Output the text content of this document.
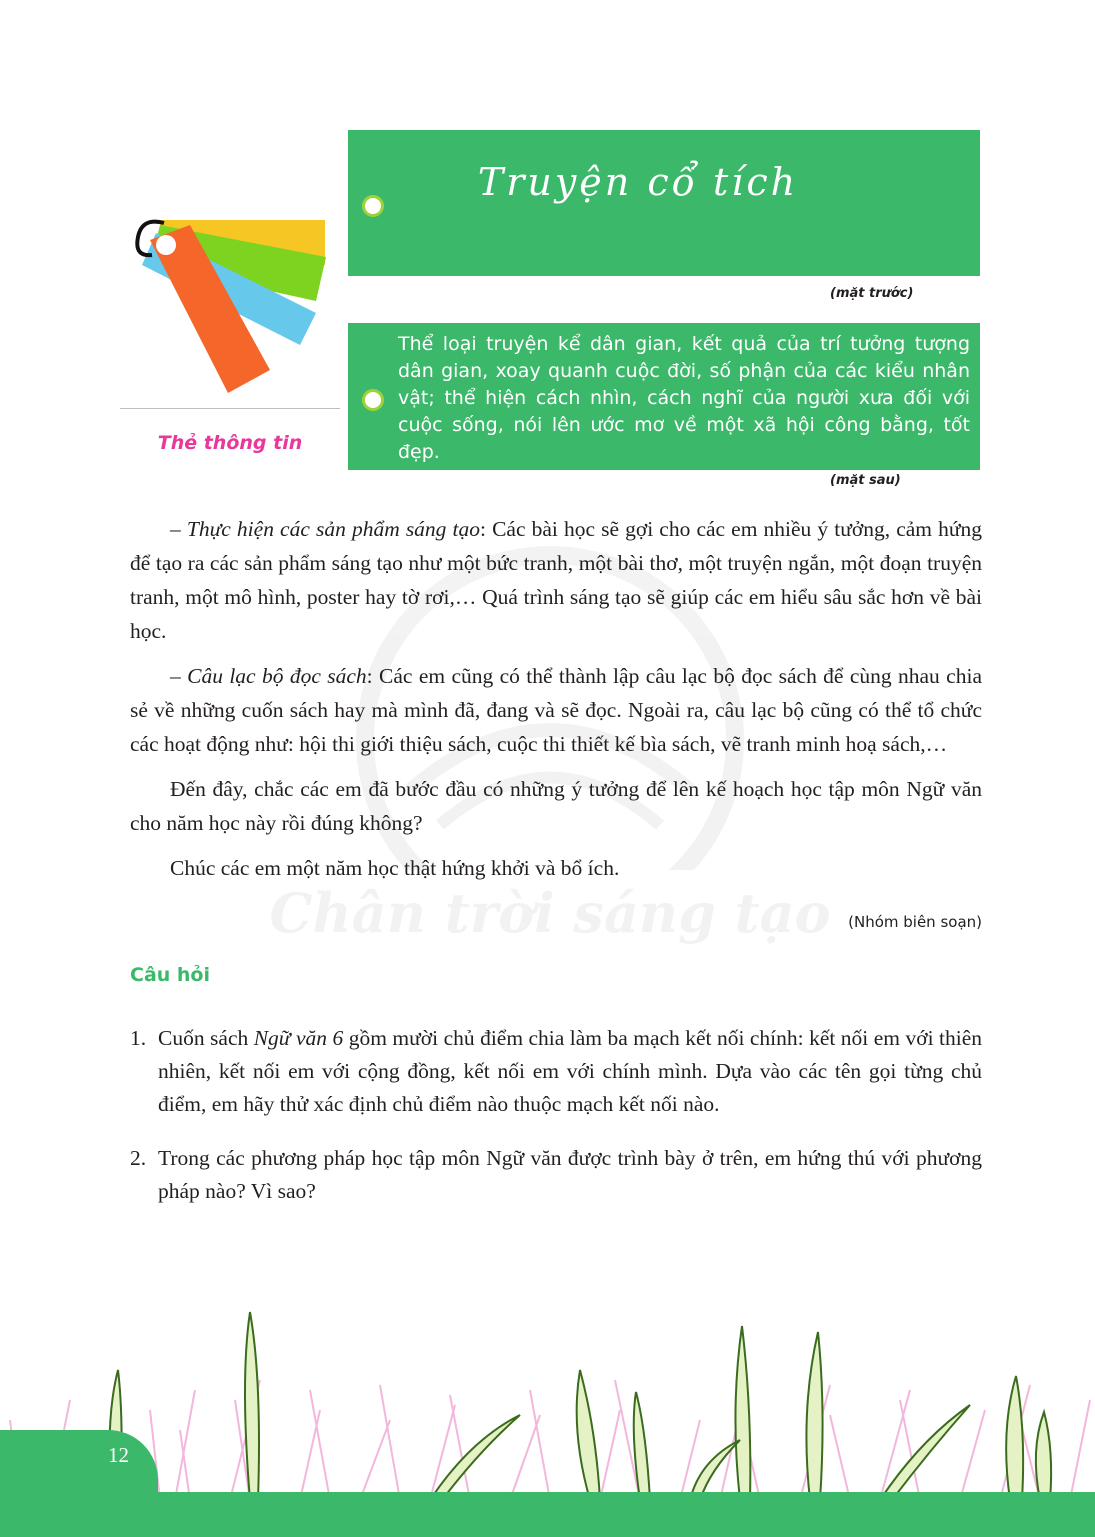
Chân trời sáng tạo
Thẻ thông tin
Truyện cổ tích
(mặt trước)
Thể loại truyện kể dân gian, kết quả của trí tưởng tượng dân gian, xoay quanh cuộc đời, số phận của các kiểu nhân vật; thể hiện cách nhìn, cách nghĩ của người xưa đối với cuộc sống, nói lên ước mơ về một xã hội công bằng, tốt đẹp.
(mặt sau)

– Thực hiện các sản phẩm sáng tạo: Các bài học sẽ gợi cho các em nhiều ý tưởng, cảm hứng để tạo ra các sản phẩm sáng tạo như một bức tranh, một bài thơ, một truyện ngắn, một đoạn truyện tranh, một mô hình, poster hay tờ rơi,… Quá trình sáng tạo sẽ giúp các em hiểu sâu sắc hơn về bài học.

– Câu lạc bộ đọc sách: Các em cũng có thể thành lập câu lạc bộ đọc sách để cùng nhau chia sẻ về những cuốn sách hay mà mình đã, đang và sẽ đọc. Ngoài ra, câu lạc bộ cũng có thể tổ chức các hoạt động như: hội thi giới thiệu sách, cuộc thi thiết kế bìa sách, vẽ tranh minh hoạ sách,…

Đến đây, chắc các em đã bước đầu có những ý tưởng để lên kế hoạch học tập môn Ngữ văn cho năm học này rồi đúng không?

Chúc các em một năm học thật hứng khởi và bổ ích.

(Nhóm biên soạn)
Câu hỏi
1. Cuốn sách Ngữ văn 6 gồm mười chủ điểm chia làm ba mạch kết nối chính: kết nối em với thiên nhiên, kết nối em với cộng đồng, kết nối em với chính mình. Dựa vào các tên gọi từng chủ điểm, em hãy thử xác định chủ điểm nào thuộc mạch kết nối nào.
2. Trong các phương pháp học tập môn Ngữ văn được trình bày ở trên, em hứng thú với phương pháp nào? Vì sao?
12
